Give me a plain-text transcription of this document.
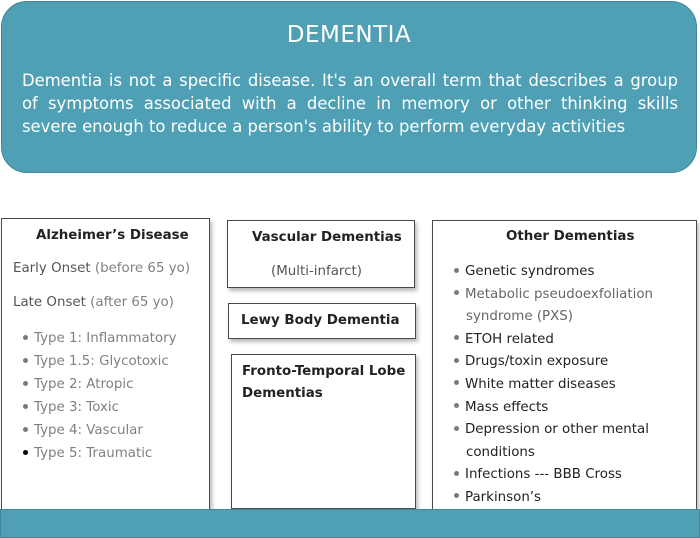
DEMENTIA
Dementia is not a specific disease. It's an overall term that describes a group of symptoms associated with a decline in memory or other thinking skills severe enough to reduce a person's ability to perform everyday activities
Alzheimer’s Disease
Early Onset (before 65 yo)
Late Onset (after 65 yo)
Type 1: Inflammatory
Type 1.5: Glycotoxic
Type 2: Atropic
Type 3: Toxic
Type 4: Vascular
Type 5: Traumatic
Vascular Dementias
(Multi-infarct)
Lewy Body Dementia
Fronto-Temporal Lobe
Dementias
Other Dementias
Genetic syndromes
Metabolic pseudoexfoliation
syndrome (PXS)
ETOH related
Drugs/toxin exposure
White matter diseases
Mass effects
Depression or other mental
conditions
Infections --- BBB Cross
Parkinson’s
